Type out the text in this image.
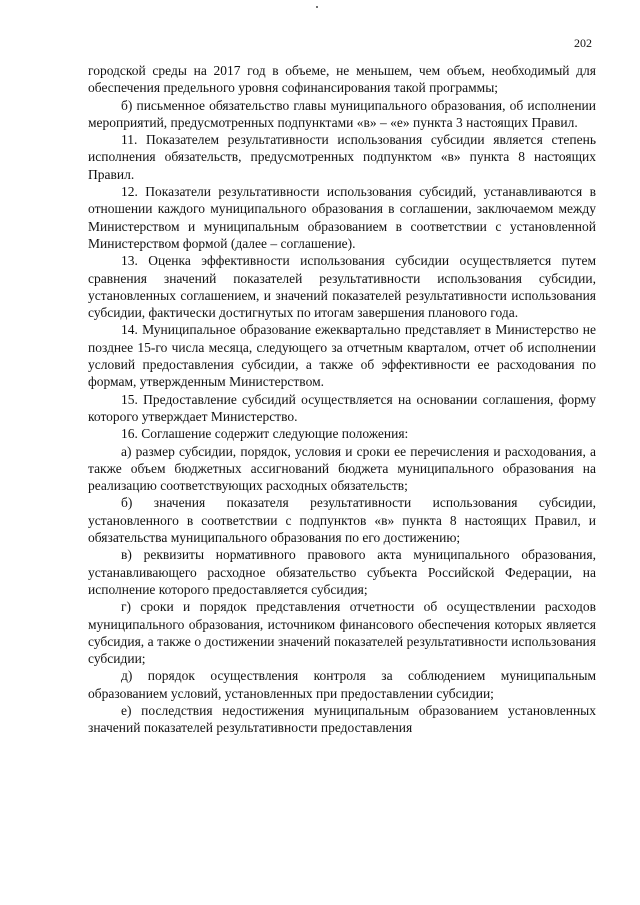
202

городской среды на 2017 год в объеме, не меньшем, чем объем, необходимый для обеспечения предельного уровня софинансирования такой программы;

б) письменное обязательство главы муниципального образования, об исполнении мероприятий, предусмотренных подпунктами «в» – «е» пункта 3 настоящих Правил.

11. Показателем результативности использования субсидии является степень исполнения обязательств, предусмотренных подпунктом «в» пункта 8 настоящих Правил.

12. Показатели результативности использования субсидий, устанавливаются в отношении каждого муниципального образования в соглашении, заключаемом между Министерством и муниципальным образованием в соответствии с установленной Министерством формой (далее – соглашение).

13. Оценка эффективности использования субсидии осуществляется путем сравнения значений показателей результативности использования субсидии, установленных соглашением, и значений показателей результативности использования субсидии, фактически достигнутых по итогам завершения планового года.

14. Муниципальное образование ежеквартально представляет в Министерство не позднее 15-го числа месяца, следующего за отчетным кварталом, отчет об исполнении условий предоставления субсидии, а также об эффективности ее расходования по формам, утвержденным Министерством.

15. Предоставление субсидий осуществляется на основании соглашения, форму которого утверждает Министерство.

16. Соглашение содержит следующие положения:

а) размер субсидии, порядок, условия и сроки ее перечисления и расходования, а также объем бюджетных ассигнований бюджета муниципального образования на реализацию соответствующих расходных обязательств;

б) значения показателя результативности использования субсидии, установленного в соответствии с подпунктов «в» пункта 8 настоящих Правил, и обязательства муниципального образования по его достижению;

в) реквизиты нормативного правового акта муниципального образования, устанавливающего расходное обязательство субъекта Российской Федерации, на исполнение которого предоставляется субсидия;

г) сроки и порядок представления отчетности об осуществлении расходов муниципального образования, источником финансового обеспечения которых является субсидия, а также о достижении значений показателей результативности использования субсидии;

д) порядок осуществления контроля за соблюдением муниципальным образованием условий, установленных при предоставлении субсидии;

е) последствия недостижения муниципальным образованием установленных значений показателей результативности предоставления
